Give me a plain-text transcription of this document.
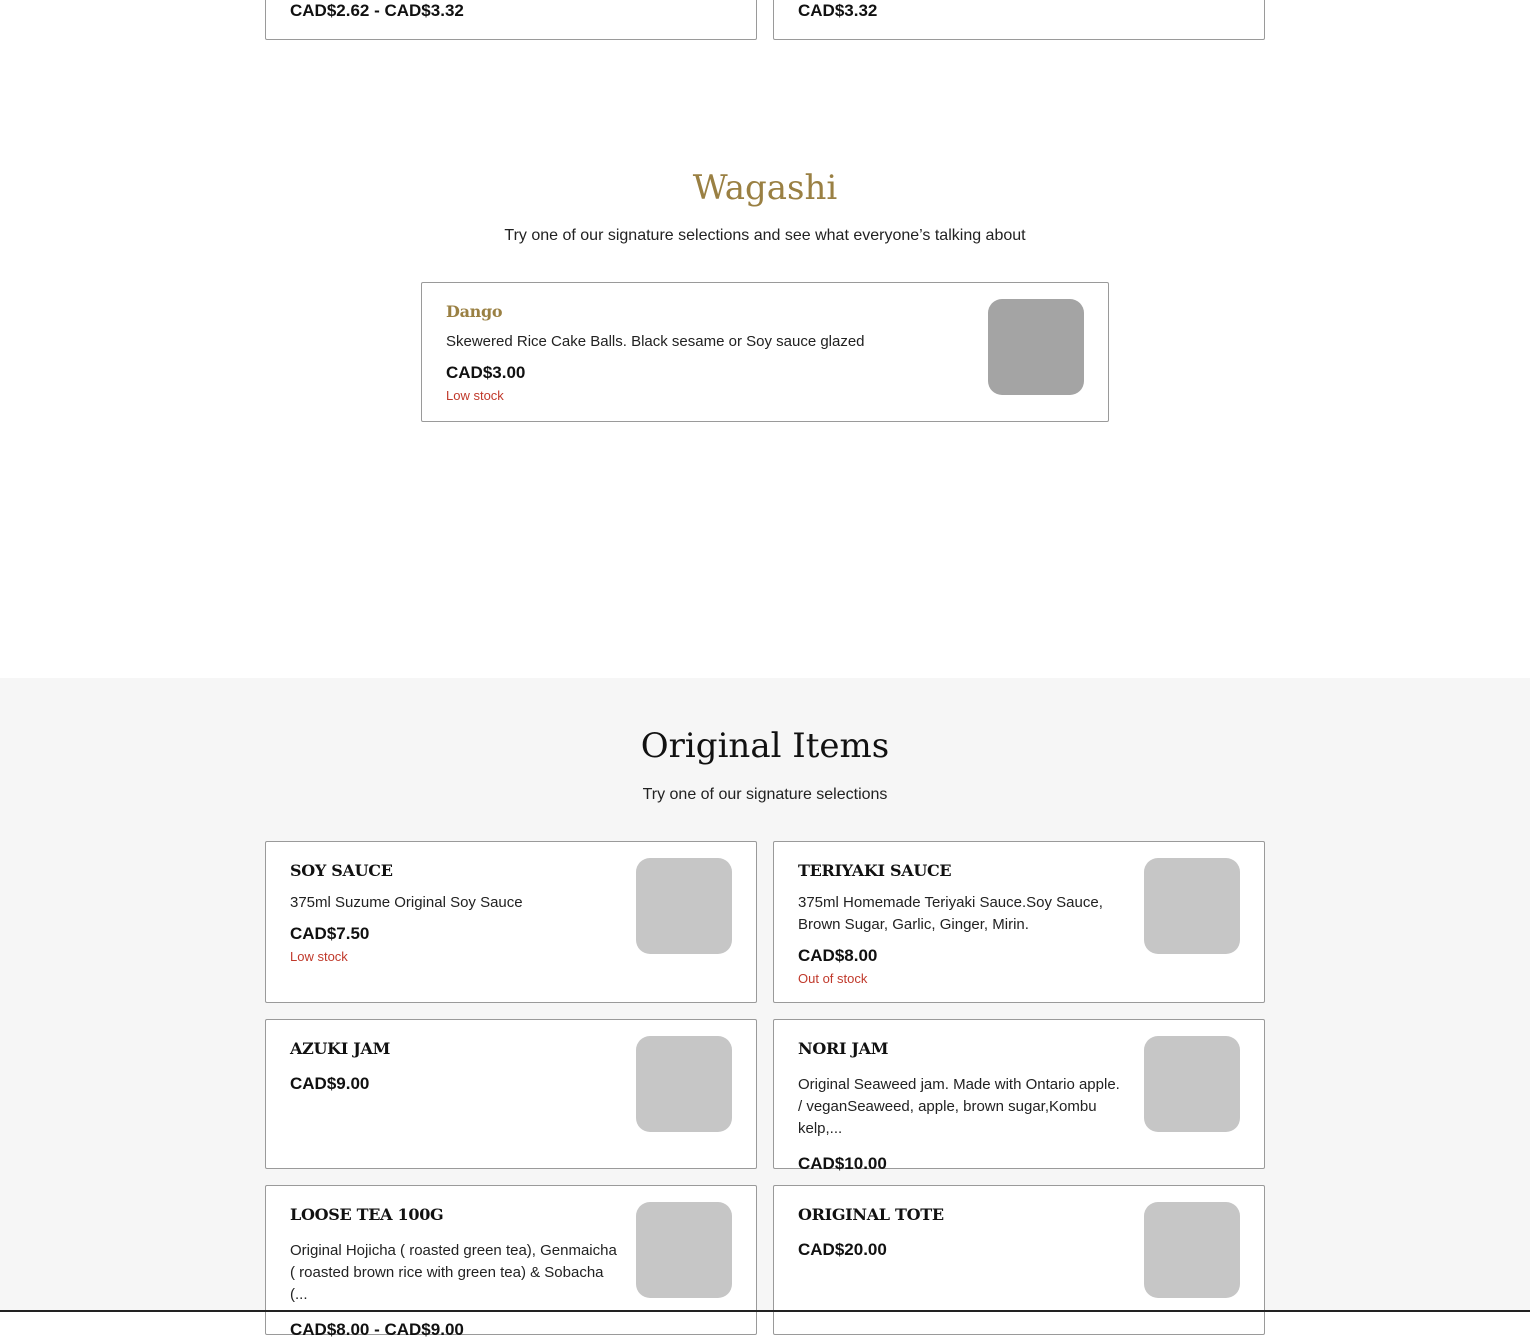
CAD$2.62 - CAD$3.32	CAD$3.32
Wagashi

Try one of our signature selections and see what everyone’s talking about

Dango
Skewered Rice Cake Balls. Black sesame or Soy sauce glazed
CAD$3.00
Low stock
Original Items

Try one of our signature selections

SOY SAUCE
375ml Suzume Original Soy Sauce
CAD$7.50
Low stock
TERIYAKI SAUCE
375ml Homemade Teriyaki Sauce.Soy Sauce, Brown Sugar, Garlic, Ginger, Mirin.
CAD$8.00
Out of stock
AZUKI JAM
CAD$9.00
NORI JAM
Original Seaweed jam. Made with Ontario apple. / veganSeaweed, apple, brown sugar,Kombu kelp,...
CAD$10.00
LOOSE TEA 100G
Original Hojicha ( roasted green tea), Genmaicha ( roasted brown rice with green tea) & Sobacha (...
CAD$8.00 - CAD$9.00
ORIGINAL TOTE
CAD$20.00
